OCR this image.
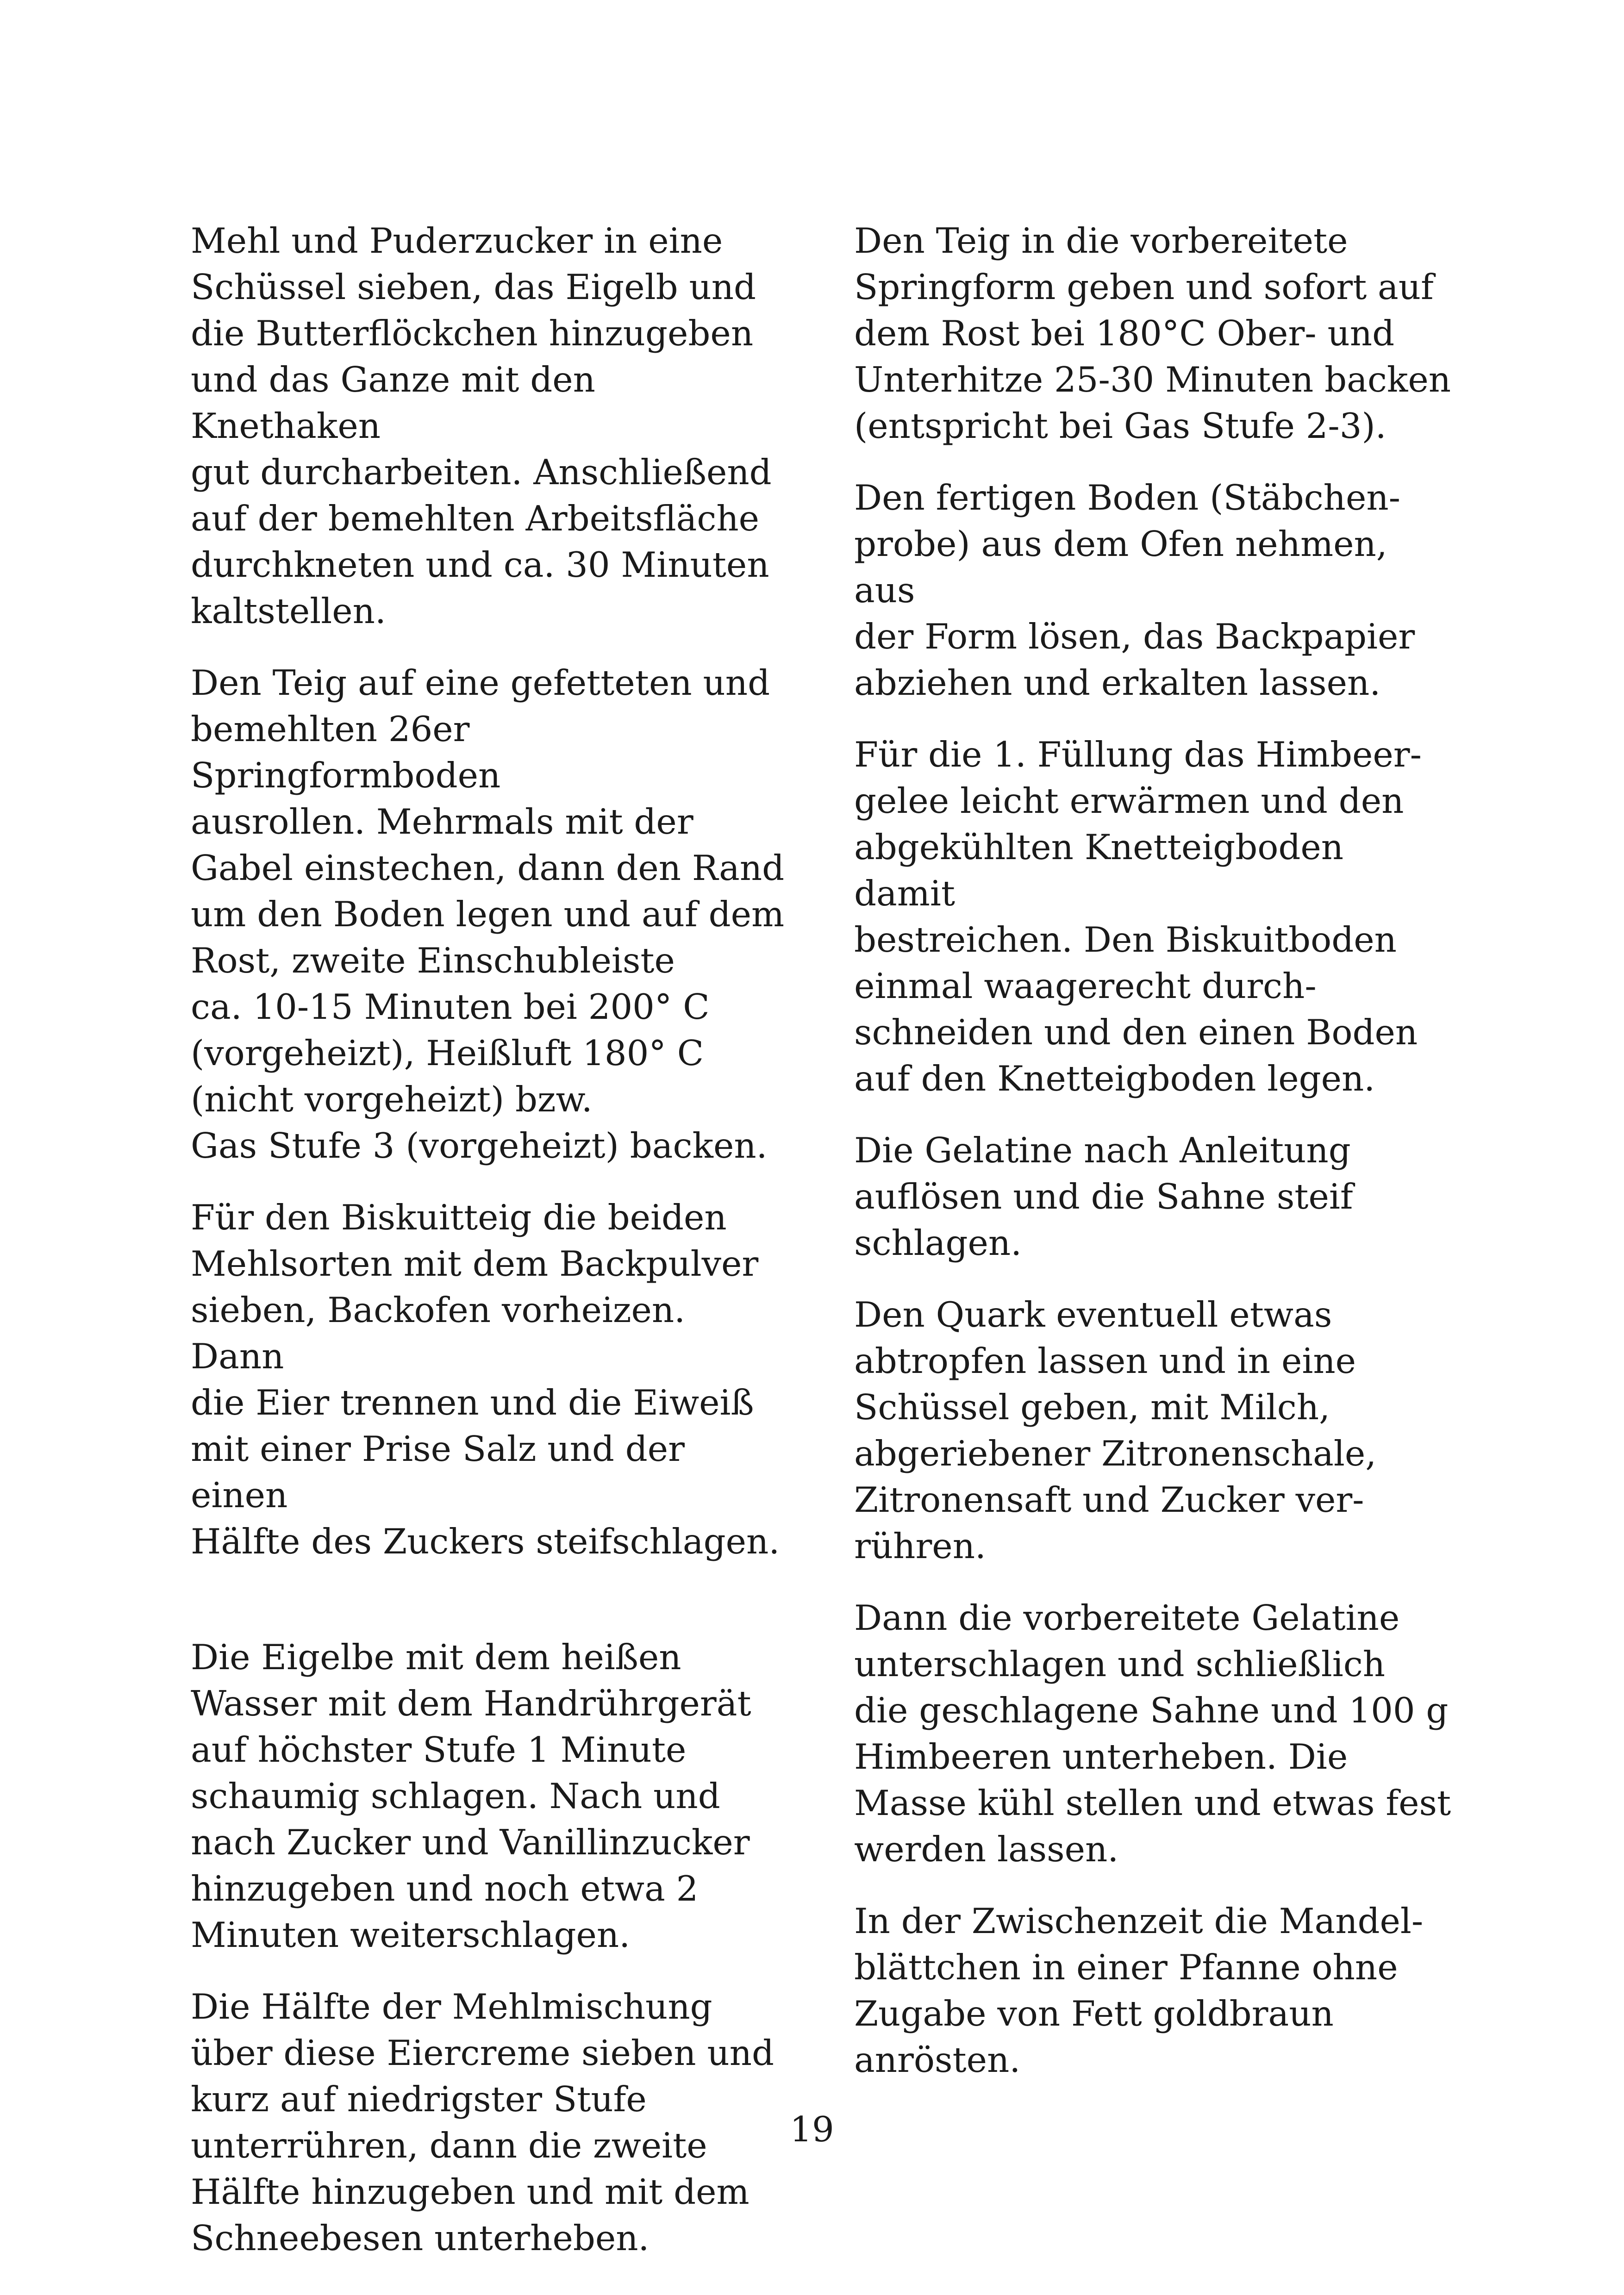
Mehl und Puderzucker in eine
Schüssel sieben, das Eigelb und
die Butterflöckchen hinzugeben
und das Ganze mit den Knethaken
gut durcharbeiten. Anschließend
auf der bemehlten Arbeitsfläche
durchkneten und ca. 30 Minuten
kaltstellen.

Den Teig auf eine gefetteten und
bemehlten 26er Springformboden
ausrollen. Mehrmals mit der
Gabel einstechen, dann den Rand
um den Boden legen und auf dem
Rost, zweite Einschubleiste
ca. 10-15 Minuten bei 200° C
(vorgeheizt), Heißluft 180° C
(nicht vorgeheizt) bzw.
Gas Stufe 3 (vorgeheizt) backen.

Für den Biskuitteig die beiden
Mehlsorten mit dem Backpulver
sieben, Backofen vorheizen. Dann
die Eier trennen und die Eiweiß
mit einer Prise Salz und der einen
Hälfte des Zuckers steifschlagen.

Die Eigelbe mit dem heißen
Wasser mit dem Handrührgerät
auf höchster Stufe 1 Minute
schaumig schlagen. Nach und
nach Zucker und Vanillinzucker
hinzugeben und noch etwa 2
Minuten weiterschlagen.

Die Hälfte der Mehlmischung
über diese Eiercreme sieben und
kurz auf niedrigster Stufe
unterrühren, dann die zweite
Hälfte hinzugeben und mit dem
Schneebesen unterheben.

Den Teig in die vorbereitete
Springform geben und sofort auf
dem Rost bei 180°C Ober- und
Unterhitze 25-30 Minuten backen
(entspricht bei Gas Stufe 2-3).

Den fertigen Boden (Stäbchen-
probe) aus dem Ofen nehmen, aus
der Form lösen, das Backpapier
abziehen und erkalten lassen.

Für die 1. Füllung das Himbeer-
gelee leicht erwärmen und den
abgekühlten Knetteigboden damit
bestreichen. Den Biskuitboden
einmal waagerecht durch-
schneiden und den einen Boden
auf den Knetteigboden legen.

Die Gelatine nach Anleitung
auflösen und die Sahne steif
schlagen.

Den Quark eventuell etwas
abtropfen lassen und in eine
Schüssel geben, mit Milch,
abgeriebener Zitronenschale,
Zitronensaft und Zucker ver-
rühren.

Dann die vorbereitete Gelatine
unterschlagen und schließlich
die geschlagene Sahne und 100 g
Himbeeren unterheben. Die
Masse kühl stellen und etwas fest
werden lassen.

In der Zwischenzeit die Mandel-
blättchen in einer Pfanne ohne
Zugabe von Fett goldbraun
anrösten.

19
